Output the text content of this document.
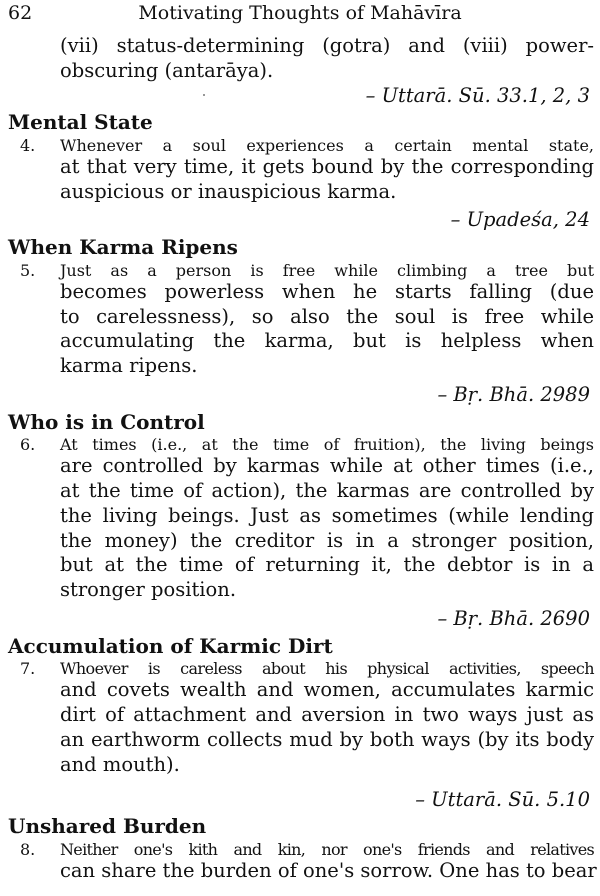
62	Motivating Thoughts of Mahāvīra
(vii) status-determining (gotra) and (viii) power-
obscuring (antarāya).
– Uttarā. Sū. 33.1, 2, 3
Mental State
4.	Whenever a soul experiences a certain mental state,
at that very time, it gets bound by the corresponding
auspicious or inauspicious karma.
– Upadeśa, 24
When Karma Ripens
5.	Just as a person is free while climbing a tree but
becomes powerless when he starts falling (due
to carelessness), so also the soul is free while
accumulating the karma, but is helpless when
karma ripens.
– Bṛ. Bhā. 2989
Who is in Control
6.	At times (i.e., at the time of fruition), the living beings
are controlled by karmas while at other times (i.e.,
at the time of action), the karmas are controlled by
the living beings. Just as sometimes (while lending
the money) the creditor is in a stronger position,
but at the time of returning it, the debtor is in a
stronger position.
– Bṛ. Bhā. 2690
Accumulation of Karmic Dirt
7.	Whoever is careless about his physical activities, speech
and covets wealth and women, accumulates karmic
dirt of attachment and aversion in two ways just as
an earthworm collects mud by both ways (by its body
and mouth).
– Uttarā. Sū. 5.10
Unshared Burden
8.	Neither one's kith and kin, nor one's friends and relatives
can share the burden of one's sorrow. One has to bear
